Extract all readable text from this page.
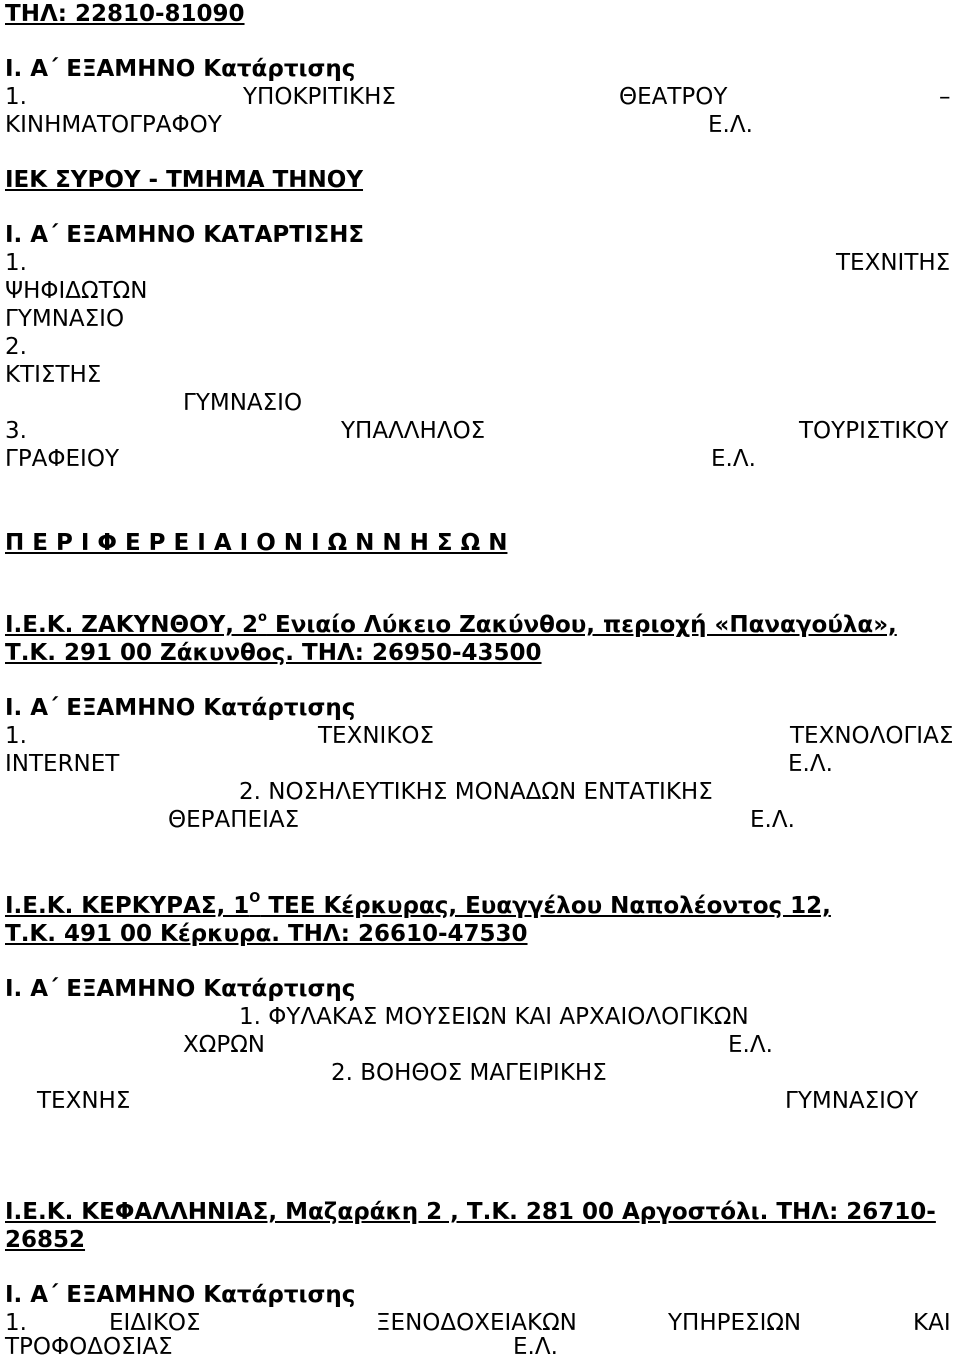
ΤΗΛ: 22810-81090
Ι. Α΄ ΕΞΑΜΗΝΟ Κατάρτισης
1.	ΥΠΟΚΡΙΤΙΚΗΣ	ΘΕΑΤΡΟΥ	–
ΚΙΝΗΜΑΤΟΓΡΑΦΟΥ	Ε.Λ.
ΙΕΚ ΣΥΡΟΥ - ΤΜΗΜΑ ΤΗΝΟΥ
Ι. Α΄ ΕΞΑΜΗΝΟ ΚΑΤΑΡΤΙΣΗΣ
1.	ΤΕΧΝΙΤΗΣ
ΨΗΦΙΔΩΤΩΝ
ΓΥΜΝΑΣΙΟ
2.
ΚΤΙΣΤΗΣ
ΓΥΜΝΑΣΙΟ
3.	ΥΠΑΛΛΗΛΟΣ	ΤΟΥΡΙΣΤΙΚΟΥ
ΓΡΑΦΕΙΟΥ	Ε.Λ.
Π Ε Ρ Ι Φ Ε Ρ Ε Ι Α Ι Ο Ν Ι Ω Ν Ν Η Σ Ω Ν
Ι.Ε.Κ. ΖΑΚΥΝΘΟΥ, $2^o$ Ενιαίο Λύκειο Ζακύνθου, περιοχή «Παναγούλα»,
Τ.Κ. 291 00 Ζάκυνθος. ΤΗΛ: 26950-43500
Ι. Α΄ ΕΞΑΜΗΝΟ Κατάρτισης
1.	ΤΕΧΝΙΚΟΣ	ΤΕΧΝΟΛΟΓΙΑΣ
INTERNET	Ε.Λ.
2. ΝΟΣΗΛΕΥΤΙΚΗΣ ΜΟΝΑΔΩΝ ΕΝΤΑΤΙΚΗΣ
ΘΕΡΑΠΕΙΑΣ	Ε.Λ.
Ι.Ε.Κ. ΚΕΡΚΥΡΑΣ, $1^O$ ΤΕΕ Κέρκυρας, Ευαγγέλου Ναπολέοντος 12,
Τ.Κ. 491 00 Κέρκυρα. ΤΗΛ: 26610-47530
Ι. Α΄ ΕΞΑΜΗΝΟ Κατάρτισης
1. ΦΥΛΑΚΑΣ ΜΟΥΣΕΙΩΝ ΚΑΙ ΑΡΧΑΙΟΛΟΓΙΚΩΝ
ΧΩΡΩΝ	Ε.Λ.
2. ΒΟΗΘΟΣ ΜΑΓΕΙΡΙΚΗΣ
ΤΕΧΝΗΣ	ΓΥΜΝΑΣΙΟΥ
Ι.Ε.Κ. ΚΕΦΑΛΛΗΝΙΑΣ, Μαζαράκη 2 , Τ.Κ. 281 00 Αργοστόλι. ΤΗΛ: 26710-
26852
Ι. Α΄ ΕΞΑΜΗΝΟ Κατάρτισης
1.	ΕΙΔΙΚΟΣ	ΞΕΝΟΔΟΧΕΙΑΚΩΝ	ΥΠΗΡΕΣΙΩΝ	ΚΑΙ
ΤΡΟΦΟΔΟΣΙΑΣ	Ε.Λ.
